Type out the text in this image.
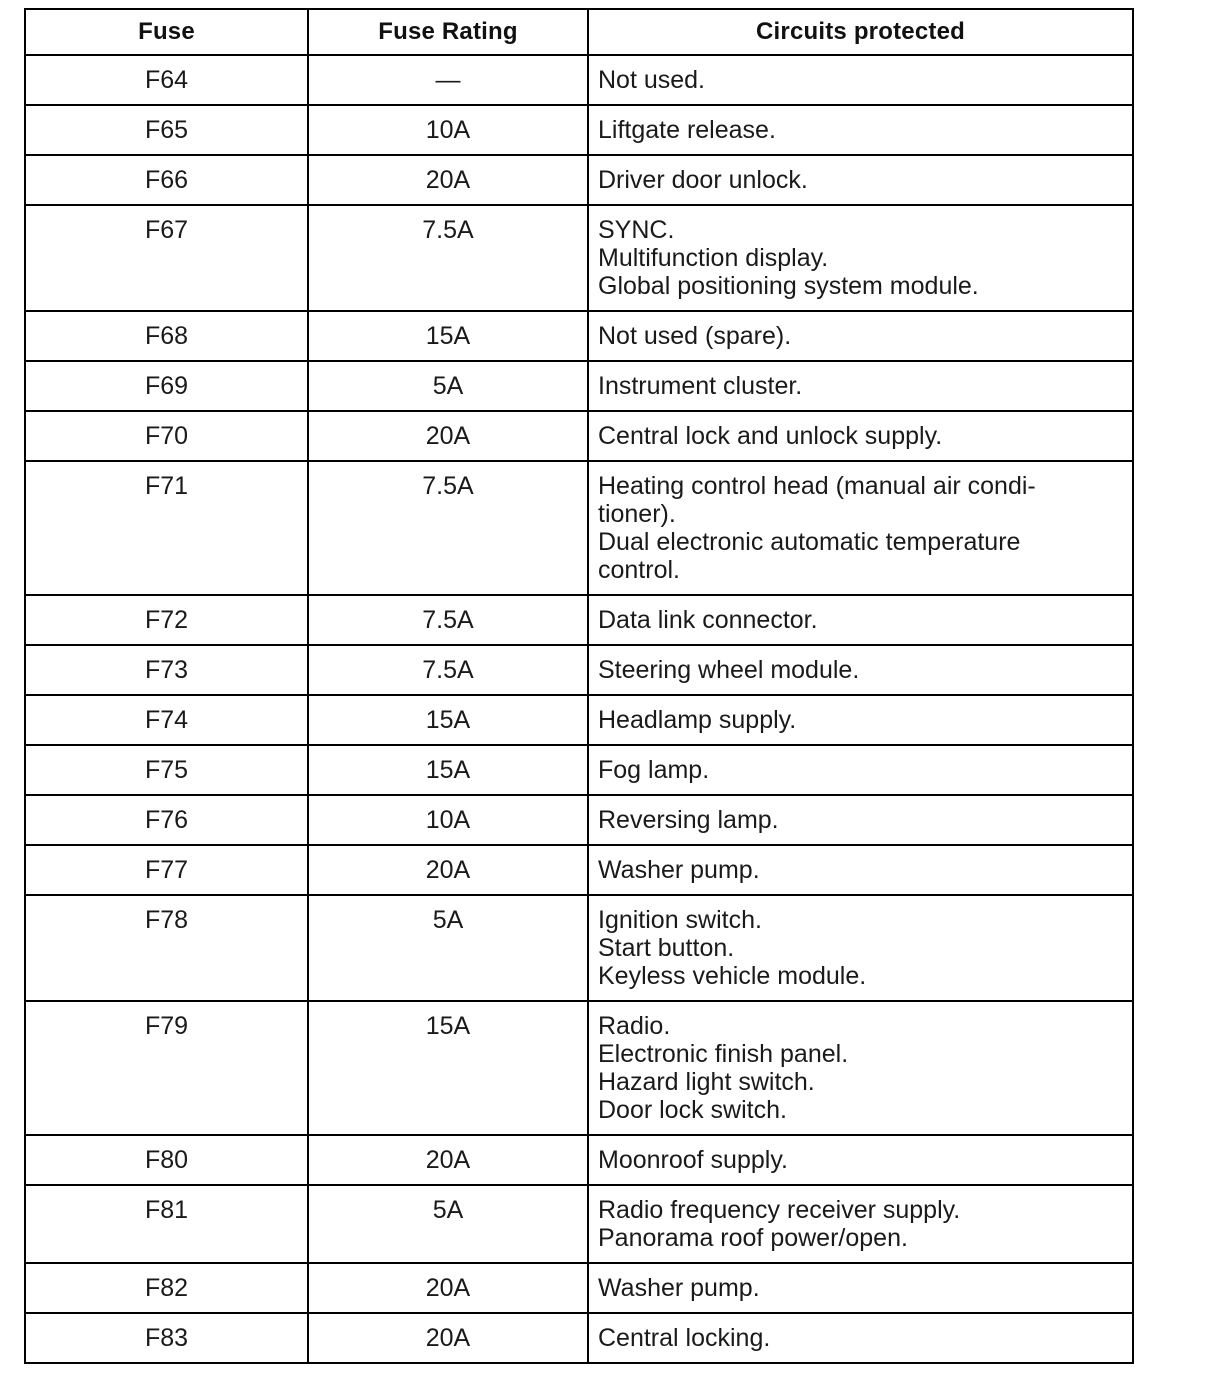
Fuse	Fuse Rating	Circuits protected
F64	—	Not used.

F65	10A	Liftgate release.

F66	20A	Driver door unlock.

F67	7.5A	SYNC.
Multifunction display.
Global positioning system module.

F68	15A	Not used (spare).

F69	5A	Instrument cluster.

F70	20A	Central lock and unlock supply.

F71	7.5A	Heating control head (manual air condi-
tioner).
Dual electronic automatic temperature
control.

F72	7.5A	Data link connector.

F73	7.5A	Steering wheel module.

F74	15A	Headlamp supply.

F75	15A	Fog lamp.

F76	10A	Reversing lamp.

F77	20A	Washer pump.

F78	5A	Ignition switch.
Start button.
Keyless vehicle module.

F79	15A	Radio.
Electronic finish panel.
Hazard light switch.
Door lock switch.

F80	20A	Moonroof supply.

F81	5A	Radio frequency receiver supply.
Panorama roof power/open.

F82	20A	Washer pump.

F83	20A	Central locking.
